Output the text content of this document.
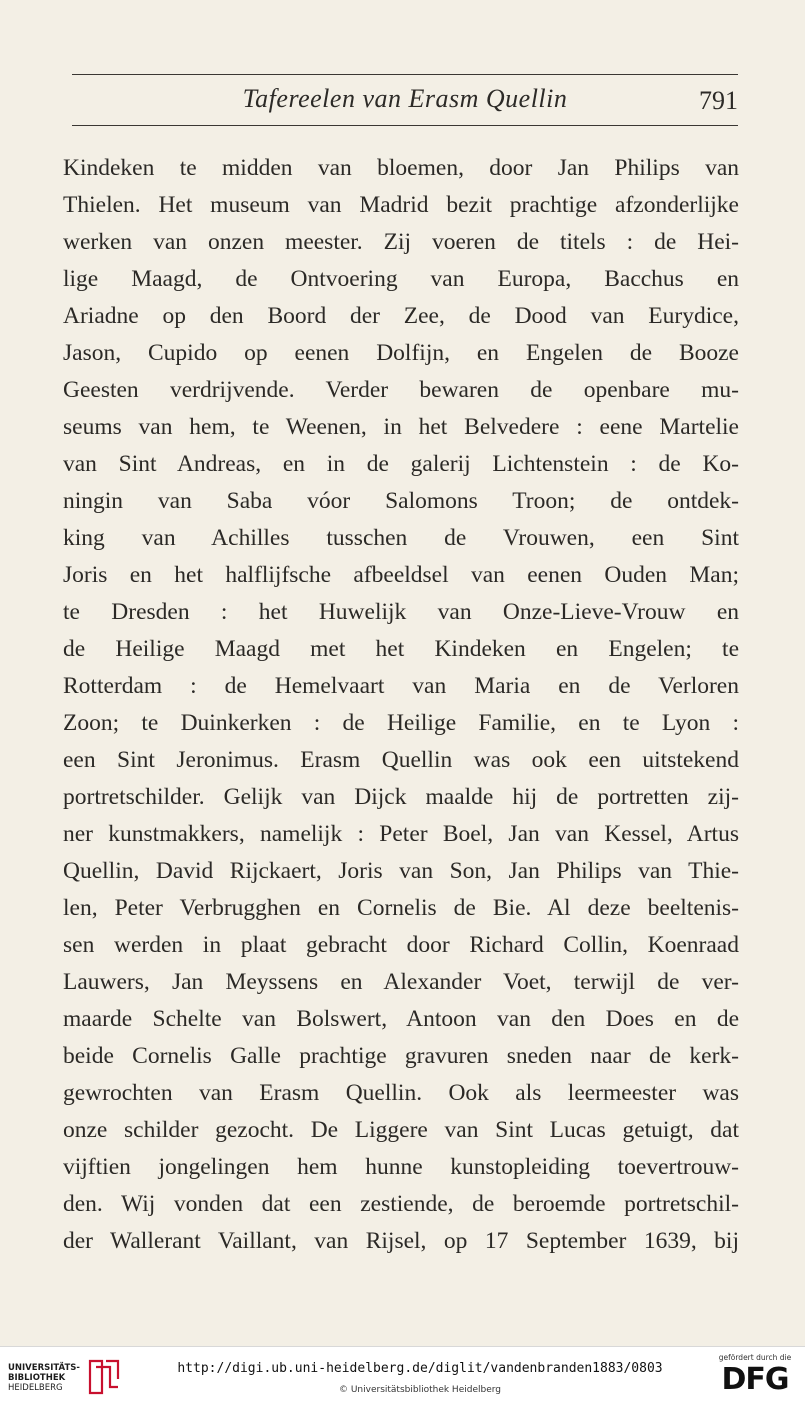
Tafereelen van Erasm Quellin	791
Kindeken te midden van bloemen, door Jan Philips van
Thielen. Het museum van Madrid bezit prachtige afzonderlijke
werken van onzen meester. Zij voeren de titels : de Hei-
lige Maagd, de Ontvoering van Europa, Bacchus en
Ariadne op den Boord der Zee, de Dood van Eurydice,
Jason, Cupido op eenen Dolfijn, en Engelen de Booze
Geesten verdrijvende. Verder bewaren de openbare mu-
seums van hem, te Weenen, in het Belvedere : eene Martelie
van Sint Andreas, en in de galerij Lichtenstein : de Ko-
ningin van Saba vóor Salomons Troon; de ontdek-
king van Achilles tusschen de Vrouwen, een Sint
Joris en het halflijfsche afbeeldsel van eenen Ouden Man;
te Dresden : het Huwelijk van Onze-Lieve-Vrouw en
de Heilige Maagd met het Kindeken en Engelen; te
Rotterdam : de Hemelvaart van Maria en de Verloren
Zoon; te Duinkerken : de Heilige Familie, en te Lyon :
een Sint Jeronimus. Erasm Quellin was ook een uitstekend
portretschilder. Gelijk van Dijck maalde hij de portretten zij-
ner kunstmakkers, namelijk : Peter Boel, Jan van Kessel, Artus
Quellin, David Rijckaert, Joris van Son, Jan Philips van Thie-
len, Peter Verbrugghen en Cornelis de Bie. Al deze beeltenis-
sen werden in plaat gebracht door Richard Collin, Koenraad
Lauwers, Jan Meyssens en Alexander Voet, terwijl de ver-
maarde Schelte van Bolswert, Antoon van den Does en de
beide Cornelis Galle prachtige gravuren sneden naar de kerk-
gewrochten van Erasm Quellin. Ook als leermeester was
onze schilder gezocht. De Liggere van Sint Lucas getuigt, dat
vijftien jongelingen hem hunne kunstopleiding toevertrouw-
den. Wij vonden dat een zestiende, de beroemde portretschil-
der Wallerant Vaillant, van Rijsel, op 17 September 1639, bij
UNIVERSITÄTS-
BIBLIOTHEK
HEIDELBERG
http://digi.ub.uni-heidelberg.de/diglit/vandenbranden1883/0803
© Universitätsbibliothek Heidelberg
gefördert durch die
DFG
